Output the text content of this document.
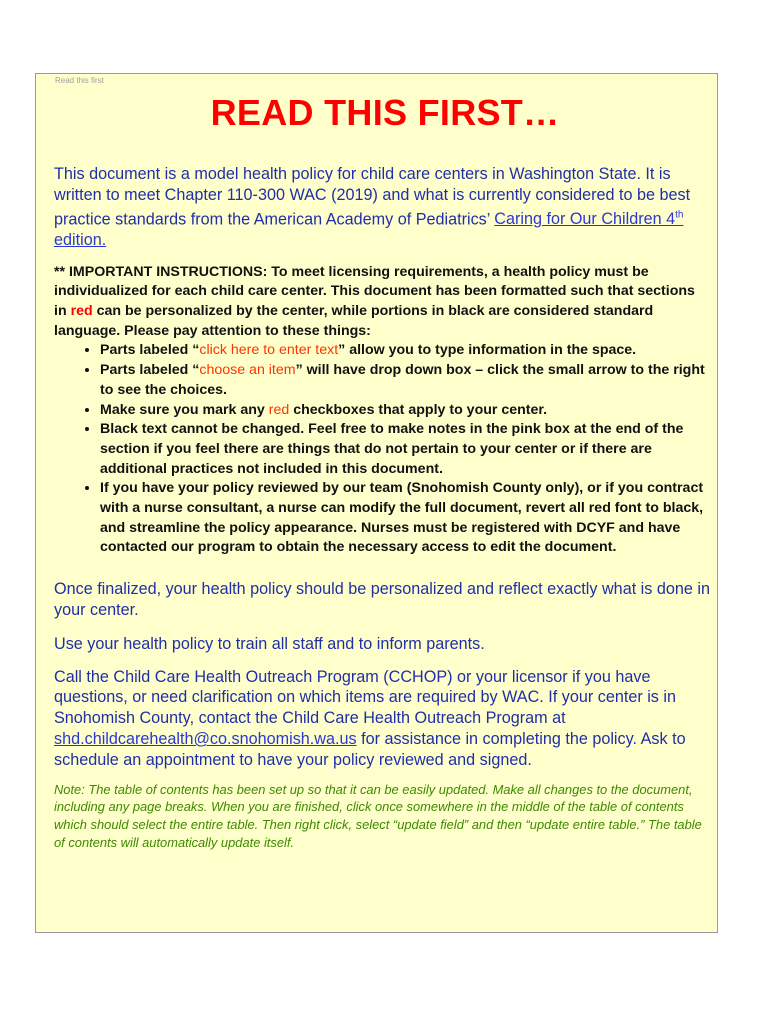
Read this first
READ THIS FIRST…

This document is a model health policy for child care centers in Washington State. It is written to meet Chapter 110-300 WAC (2019) and what is currently considered to be best practice standards from the American Academy of Pediatrics’ Caring for Our Children 4th edition.

** IMPORTANT INSTRUCTIONS: To meet licensing requirements, a health policy must be individualized for each child care center. This document has been formatted such that sections in red can be personalized by the center, while portions in black are considered standard language. Please pay attention to these things:
• Parts labeled “click here to enter text” allow you to type information in the space.
• Parts labeled “choose an item” will have drop down box – click the small arrow to the right to see the choices.
• Make sure you mark any red checkboxes that apply to your center.
• Black text cannot be changed. Feel free to make notes in the pink box at the end of the section if you feel there are things that do not pertain to your center or if there are additional practices not included in this document.
• If you have your policy reviewed by our team (Snohomish County only), or if you contract with a nurse consultant, a nurse can modify the full document, revert all red font to black, and streamline the policy appearance. Nurses must be registered with DCYF and have contacted our program to obtain the necessary access to edit the document.

Once finalized, your health policy should be personalized and reflect exactly what is done in your center.

Use your health policy to train all staff and to inform parents.

Call the Child Care Health Outreach Program (CCHOP) or your licensor if you have questions, or need clarification on which items are required by WAC. If your center is in Snohomish County, contact the Child Care Health Outreach Program at shd.childcarehealth@co.snohomish.wa.us for assistance in completing the policy. Ask to schedule an appointment to have your policy reviewed and signed.

Note: The table of contents has been set up so that it can be easily updated. Make all changes to the document, including any page breaks. When you are finished, click once somewhere in the middle of the table of contents which should select the entire table. Then right click, select “update field” and then “update entire table.” The table of contents will automatically update itself.
